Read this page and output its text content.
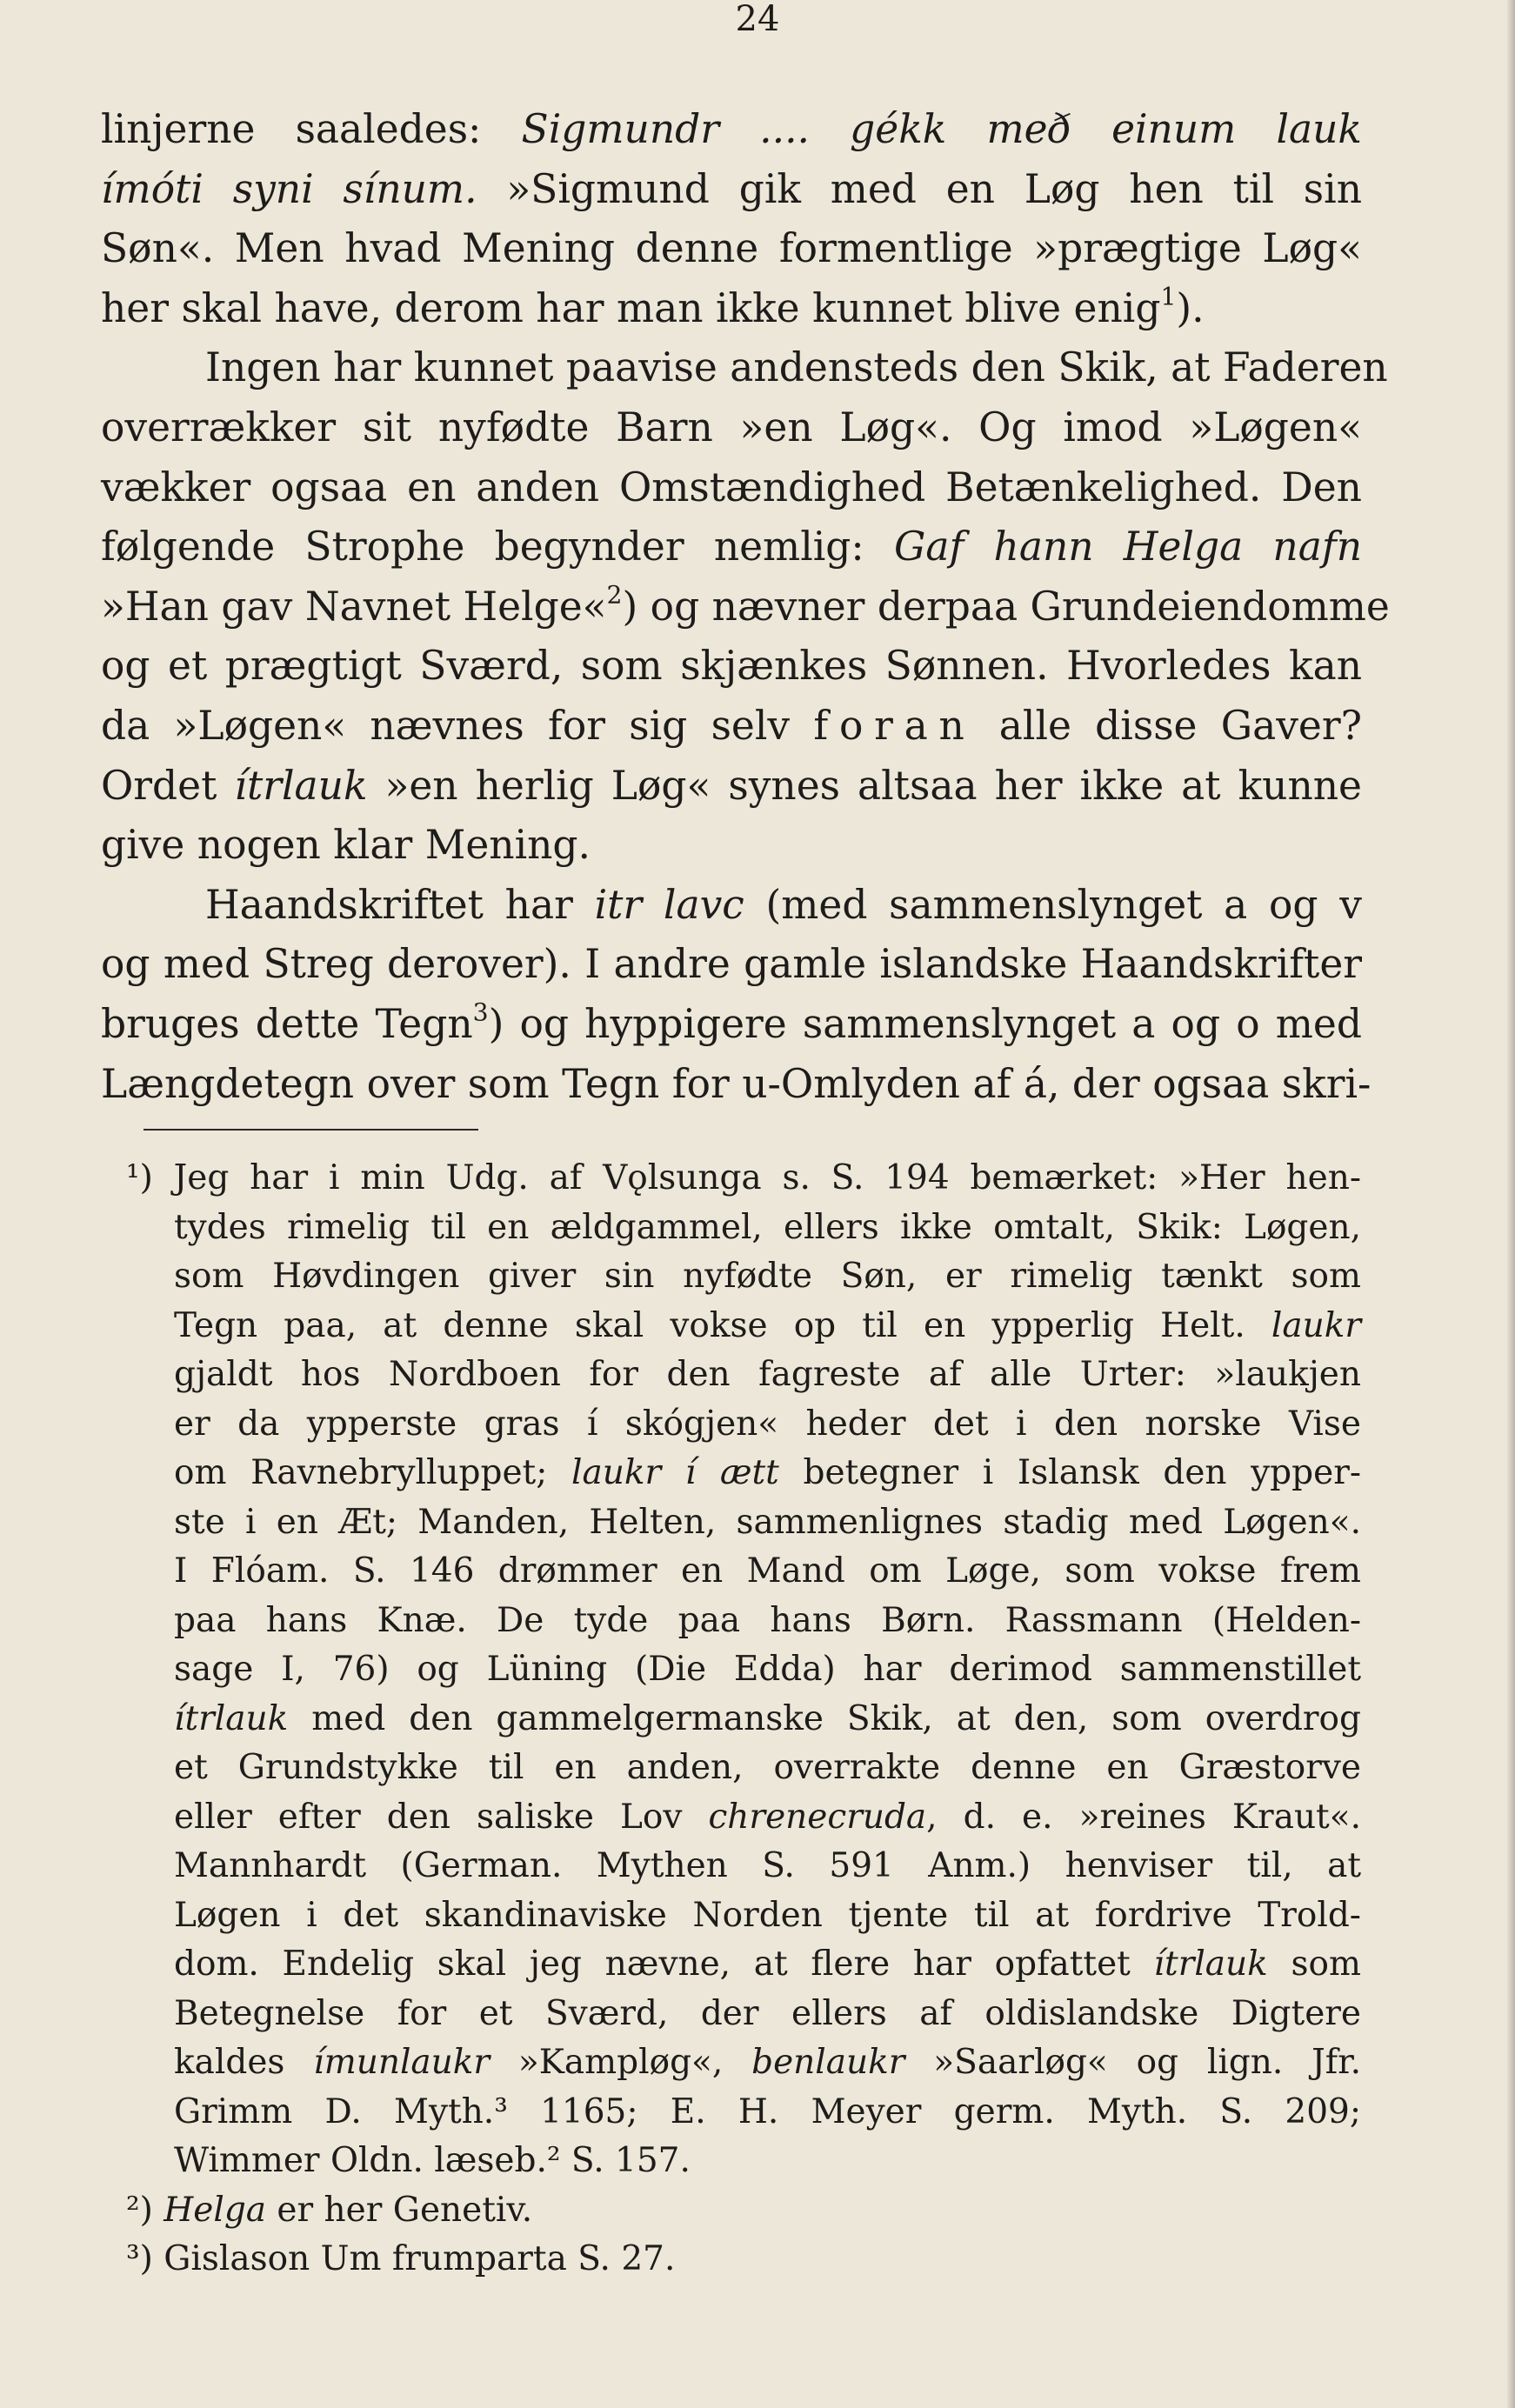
24
linjerne saaledes: Sigmundr .... gékk með einum lauk
ímóti syni sínum. »Sigmund gik med en Løg hen til sin
Søn«. Men hvad Mening denne formentlige »prægtige Løg«
her skal have, derom har man ikke kunnet blive enig$^1$).
Ingen har kunnet paavise andensteds den Skik, at Faderen
overrækker sit nyfødte Barn »en Løg«. Og imod »Løgen«
vækker ogsaa en anden Omstændighed Betænkelighed. Den
følgende Strophe begynder nemlig: Gaf hann Helga nafn
»Han gav Navnet Helge«$^2$) og nævner derpaa Grundeiendomme
og et prægtigt Sværd, som skjænkes Sønnen. Hvorledes kan
da »Løgen« nævnes for sig selv foran alle disse Gaver?
Ordet ítrlauk »en herlig Løg« synes altsaa her ikke at kunne
give nogen klar Mening.
Haandskriftet har itr lavc (med sammenslynget a og v
og med Streg derover). I andre gamle islandske Haandskrifter
bruges dette Tegn$^3$) og hyppigere sammenslynget a og o med
Længdetegn over som Tegn for u-Omlyden af á, der ogsaa skri-
¹) Jeg har i min Udg. af Vǫlsunga s. S. 194 bemærket: »Her hen-
tydes rimelig til en ældgammel, ellers ikke omtalt, Skik: Løgen,
som Høvdingen giver sin nyfødte Søn, er rimelig tænkt som
Tegn paa, at denne skal vokse op til en ypperlig Helt. laukr
gjaldt hos Nordboen for den fagreste af alle Urter: »laukjen
er da ypperste gras í skógjen« heder det i den norske Vise
om Ravnebrylluppet; laukr í ætt betegner i Islansk den ypper-
ste i en Æt; Manden, Helten, sammenlignes stadig med Løgen«.
I Flóam. S. 146 drømmer en Mand om Løge, som vokse frem
paa hans Knæ. De tyde paa hans Børn. Rassmann (Helden-
sage I, 76) og Lüning (Die Edda) har derimod sammenstillet
ítrlauk med den gammelgermanske Skik, at den, som overdrog
et Grundstykke til en anden, overrakte denne en Græstorve
eller efter den saliske Lov chrenecruda, d. e. »reines Kraut«.
Mannhardt (German. Mythen S. 591 Anm.) henviser til, at
Løgen i det skandinaviske Norden tjente til at fordrive Trold-
dom. Endelig skal jeg nævne, at flere har opfattet ítrlauk som
Betegnelse for et Sværd, der ellers af oldislandske Digtere
kaldes ímunlaukr »Kampløg«, benlaukr »Saarløg« og lign. Jfr.
Grimm D. Myth.³ 1165; E. H. Meyer germ. Myth. S. 209;
Wimmer Oldn. læseb.² S. 157.
²) Helga er her Genetiv.
³) Gislason Um frumparta S. 27.
